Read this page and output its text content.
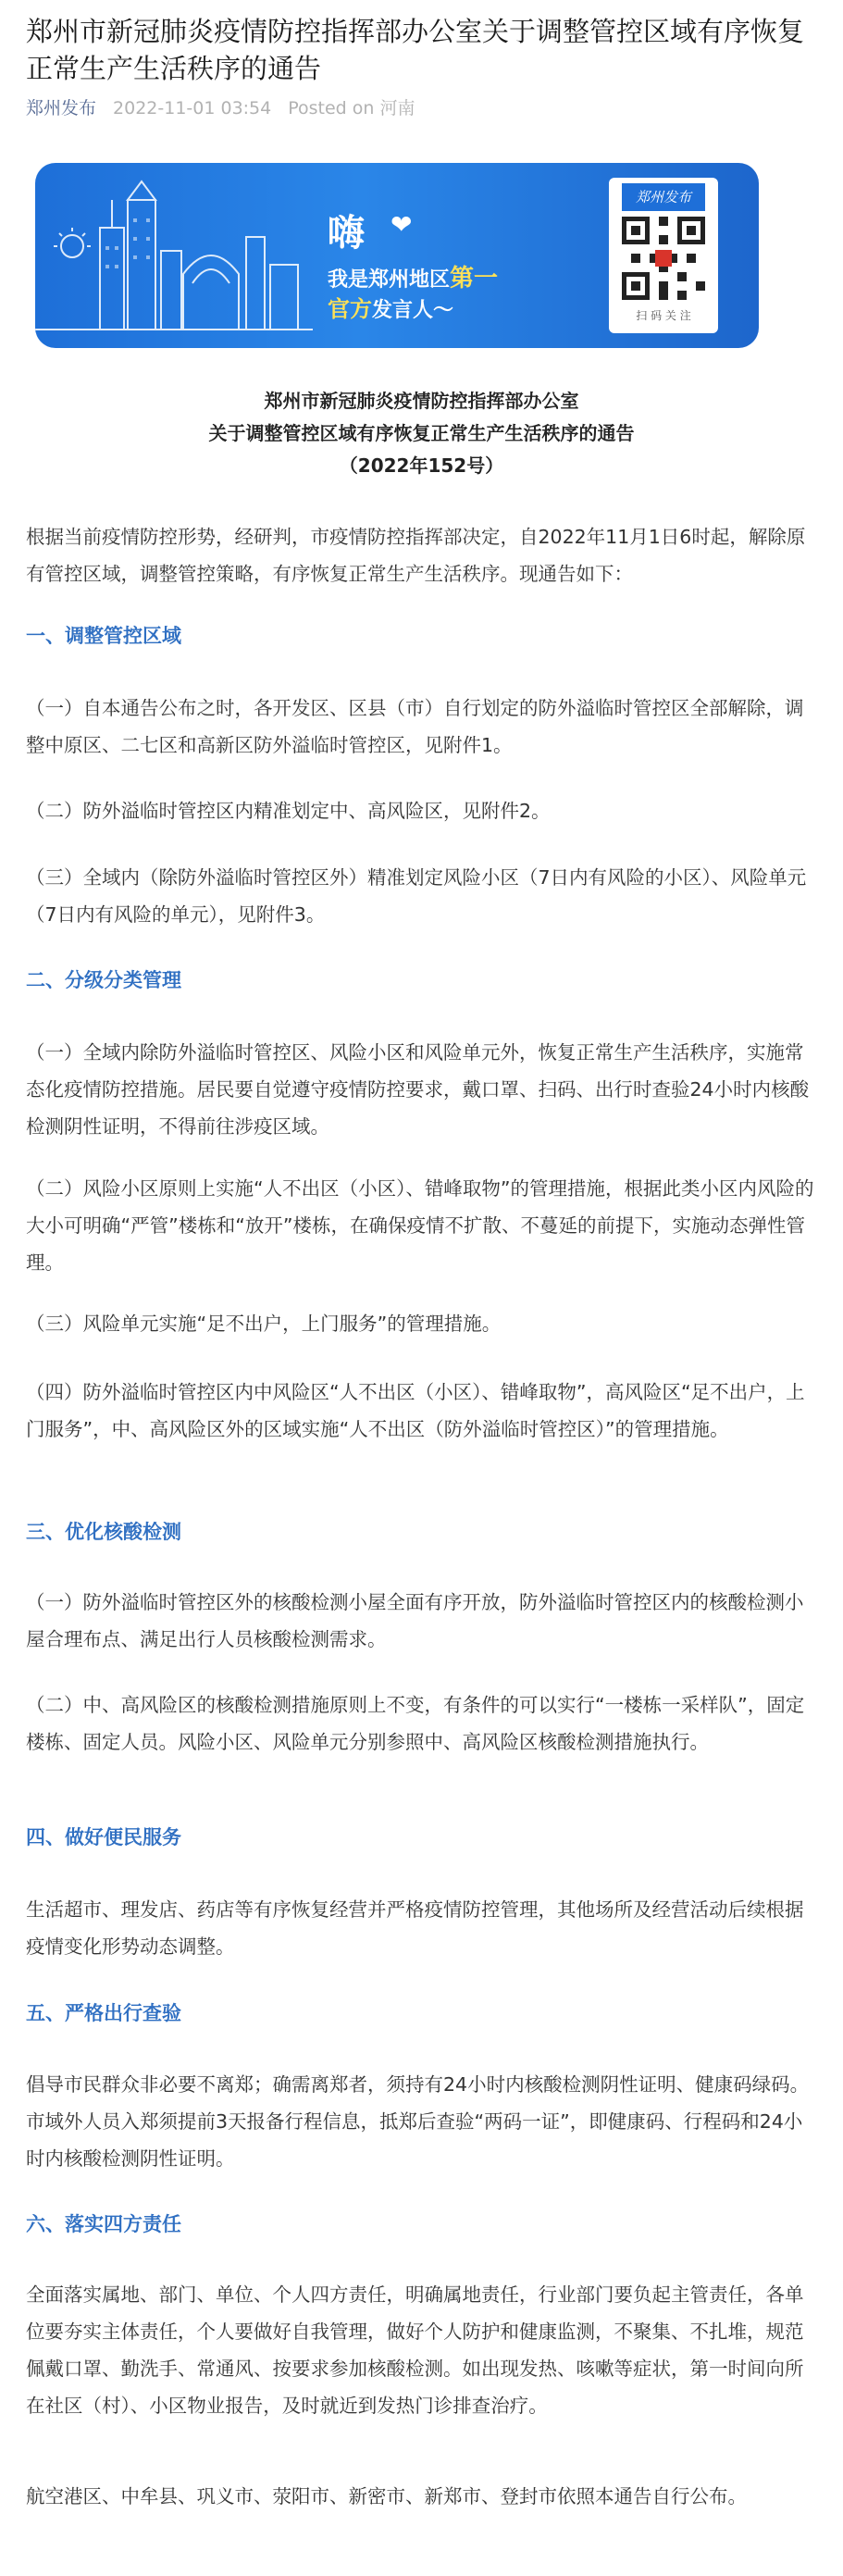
郑州市新冠肺炎疫情防控指挥部办公室关于调整管控区域有序恢复正常生产生活秩序的通告
郑州发布 2022-11-01 03:54 Posted on 河南
嗨 ❤
我是郑州地区第一
官方发言人～
郑州发布
扫 码 关 注
郑州市新冠肺炎疫情防控指挥部办公室
关于调整管控区域有序恢复正常生产生活秩序的通告
（2022年152号）

根据当前疫情防控形势，经研判，市疫情防控指挥部决定，自2022年11月1日6时起，解除原有管控区域，调整管控策略，有序恢复正常生产生活秩序。现通告如下：

一、调整管控区域

（一）自本通告公布之时，各开发区、区县（市）自行划定的防外溢临时管控区全部解除，调整中原区、二七区和高新区防外溢临时管控区，见附件1。

（二）防外溢临时管控区内精准划定中、高风险区，见附件2。

（三）全域内（除防外溢临时管控区外）精准划定风险小区（7日内有风险的小区）、风险单元（7日内有风险的单元），见附件3。

二、分级分类管理

（一）全域内除防外溢临时管控区、风险小区和风险单元外，恢复正常生产生活秩序，实施常态化疫情防控措施。居民要自觉遵守疫情防控要求，戴口罩、扫码、出行时查验24小时内核酸检测阴性证明，不得前往涉疫区域。

（二）风险小区原则上实施“人不出区（小区）、错峰取物”的管理措施，根据此类小区内风险的大小可明确“严管”楼栋和“放开”楼栋，在确保疫情不扩散、不蔓延的前提下，实施动态弹性管理。

（三）风险单元实施“足不出户，上门服务”的管理措施。

（四）防外溢临时管控区内中风险区“人不出区（小区）、错峰取物”，高风险区“足不出户，上门服务”，中、高风险区外的区域实施“人不出区（防外溢临时管控区）”的管理措施。

三、优化核酸检测

（一）防外溢临时管控区外的核酸检测小屋全面有序开放，防外溢临时管控区内的核酸检测小屋合理布点、满足出行人员核酸检测需求。

（二）中、高风险区的核酸检测措施原则上不变，有条件的可以实行“一楼栋一采样队”，固定楼栋、固定人员。风险小区、风险单元分别参照中、高风险区核酸检测措施执行。

四、做好便民服务

生活超市、理发店、药店等有序恢复经营并严格疫情防控管理，其他场所及经营活动后续根据疫情变化形势动态调整。

五、严格出行查验

倡导市民群众非必要不离郑；确需离郑者，须持有24小时内核酸检测阴性证明、健康码绿码。市域外人员入郑须提前3天报备行程信息，抵郑后查验“两码一证”，即健康码、行程码和24小时内核酸检测阴性证明。

六、落实四方责任

全面落实属地、部门、单位、个人四方责任，明确属地责任，行业部门要负起主管责任，各单位要夯实主体责任，个人要做好自我管理，做好个人防护和健康监测，不聚集、不扎堆，规范佩戴口罩、勤洗手、常通风、按要求参加核酸检测。如出现发热、咳嗽等症状，第一时间向所在社区（村）、小区物业报告，及时就近到发热门诊排查治疗。

航空港区、中牟县、巩义市、荥阳市、新密市、新郑市、登封市依照本通告自行公布。
